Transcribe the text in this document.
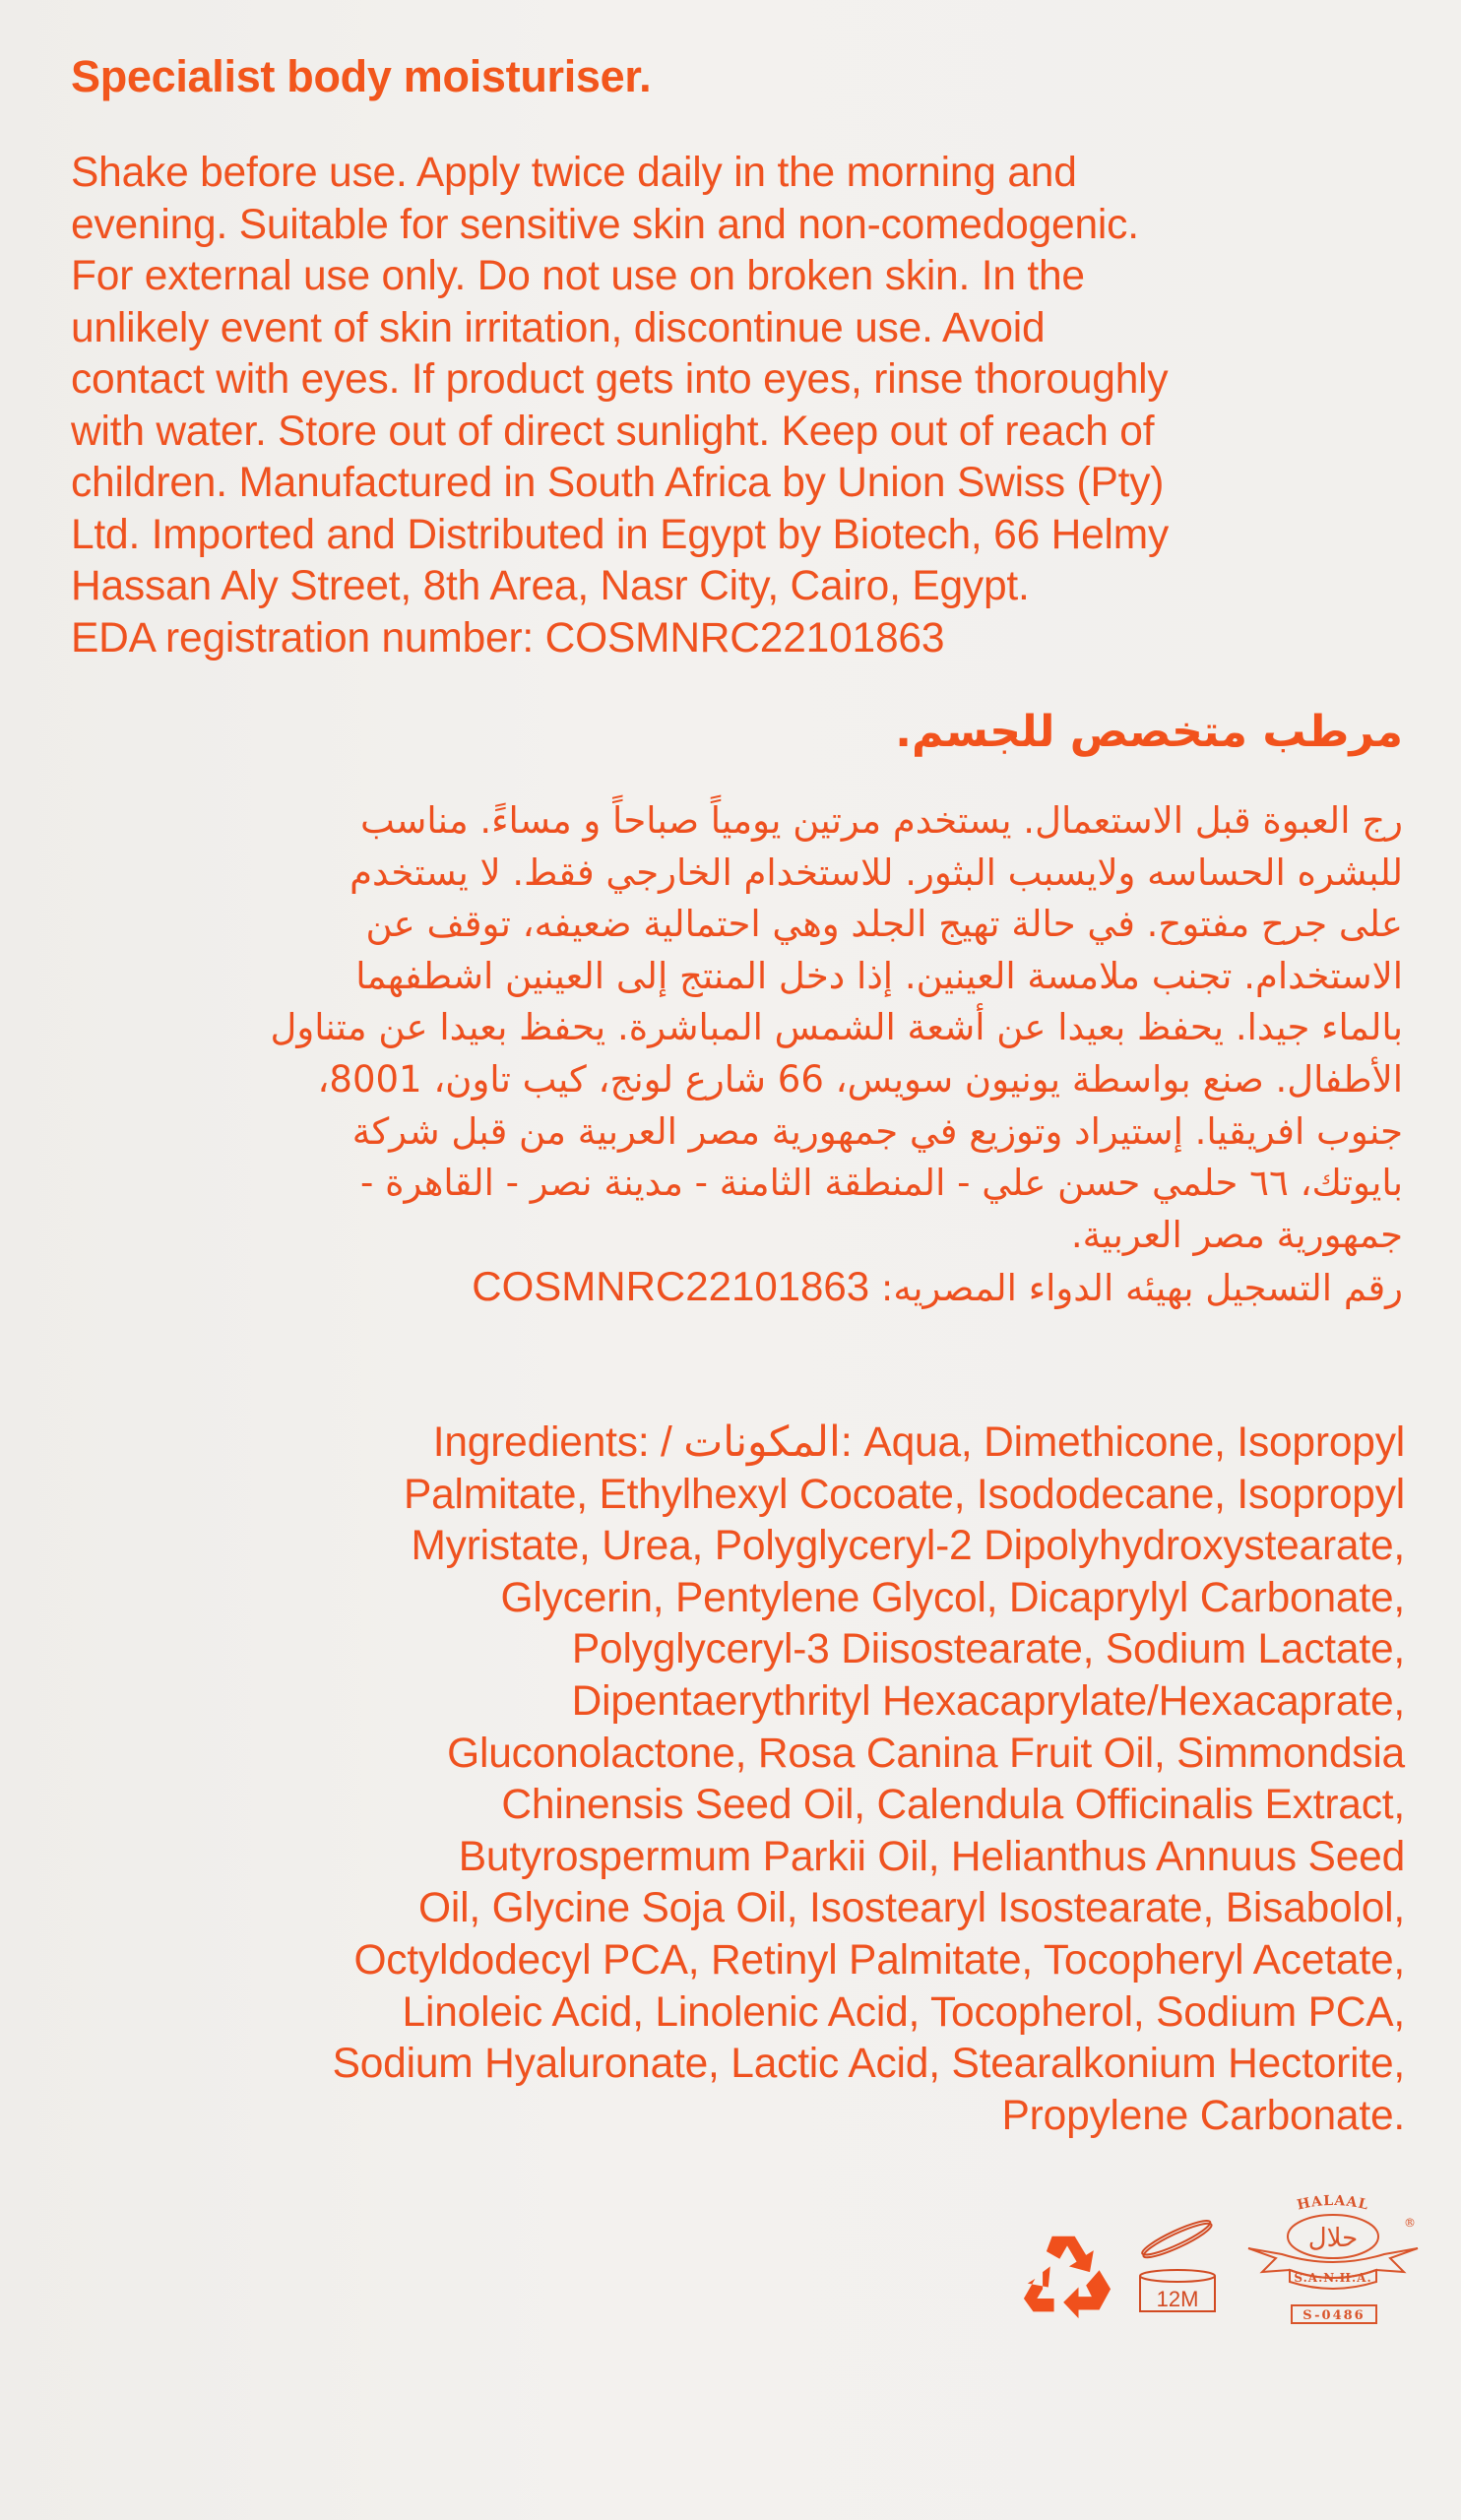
Specialist body moisturiser.
Shake before use. Apply twice daily in the morning and
evening. Suitable for sensitive skin and non-comedogenic.
For external use only. Do not use on broken skin. In the
unlikely event of skin irritation, discontinue use. Avoid
contact with eyes. If product gets into eyes, rinse thoroughly
with water. Store out of direct sunlight. Keep out of reach of
children. Manufactured in South Africa by Union Swiss (Pty)
Ltd. Imported and Distributed in Egypt by Biotech, 66 Helmy
Hassan Aly Street, 8th Area, Nasr City, Cairo, Egypt.
EDA registration number: COSMNRC22101863
مرطب متخصص للجسم.
رج العبوة قبل الاستعمال. يستخدم مرتين يومياً صباحاً و مساءً. مناسب
للبشره الحساسه ولايسبب البثور. للاستخدام الخارجي فقط. لا يستخدم
على جرح مفتوح. في حالة تهيج الجلد وهي احتمالية ضعيفه، توقف عن
الاستخدام. تجنب ملامسة العينين. إذا دخل المنتج إلى العينين اشطفهما
بالماء جيدا. يحفظ بعيدا عن أشعة الشمس المباشرة. يحفظ بعيدا عن متناول
الأطفال. صنع بواسطة يونيون سويس، 66 شارع لونج، كيب تاون، 8001،
جنوب افريقيا. إستيراد وتوزيع في جمهورية مصر العربية من قبل شركة
بايوتك، ٦٦ حلمي حسن علي - المنطقة الثامنة - مدينة نصر - القاهرة -
جمهورية مصر العربية.
رقم التسجيل بهيئه الدواء المصريه: COSMNRC22101863
Ingredients: / المكونات: Aqua, Dimethicone, Isopropyl
Palmitate, Ethylhexyl Cocoate, Isododecane, Isopropyl
Myristate, Urea, Polyglyceryl-2 Dipolyhydroxystearate,
Glycerin, Pentylene Glycol, Dicaprylyl Carbonate,
Polyglyceryl-3 Diisostearate, Sodium Lactate,
Dipentaerythrityl Hexacaprylate/Hexacaprate,
Gluconolactone, Rosa Canina Fruit Oil, Simmondsia
Chinensis Seed Oil, Calendula Officinalis Extract,
Butyrospermum Parkii Oil, Helianthus Annuus Seed
Oil, Glycine Soja Oil, Isostearyl Isostearate, Bisabolol,
Octyldodecyl PCA, Retinyl Palmitate, Tocopheryl Acetate,
Linoleic Acid, Linolenic Acid, Tocopherol, Sodium PCA,
Sodium Hyaluronate, Lactic Acid, Stearalkonium Hectorite,
Propylene Carbonate.
12M
HALAAL
حلال
S.A.N.H.A.
S-0486
®
